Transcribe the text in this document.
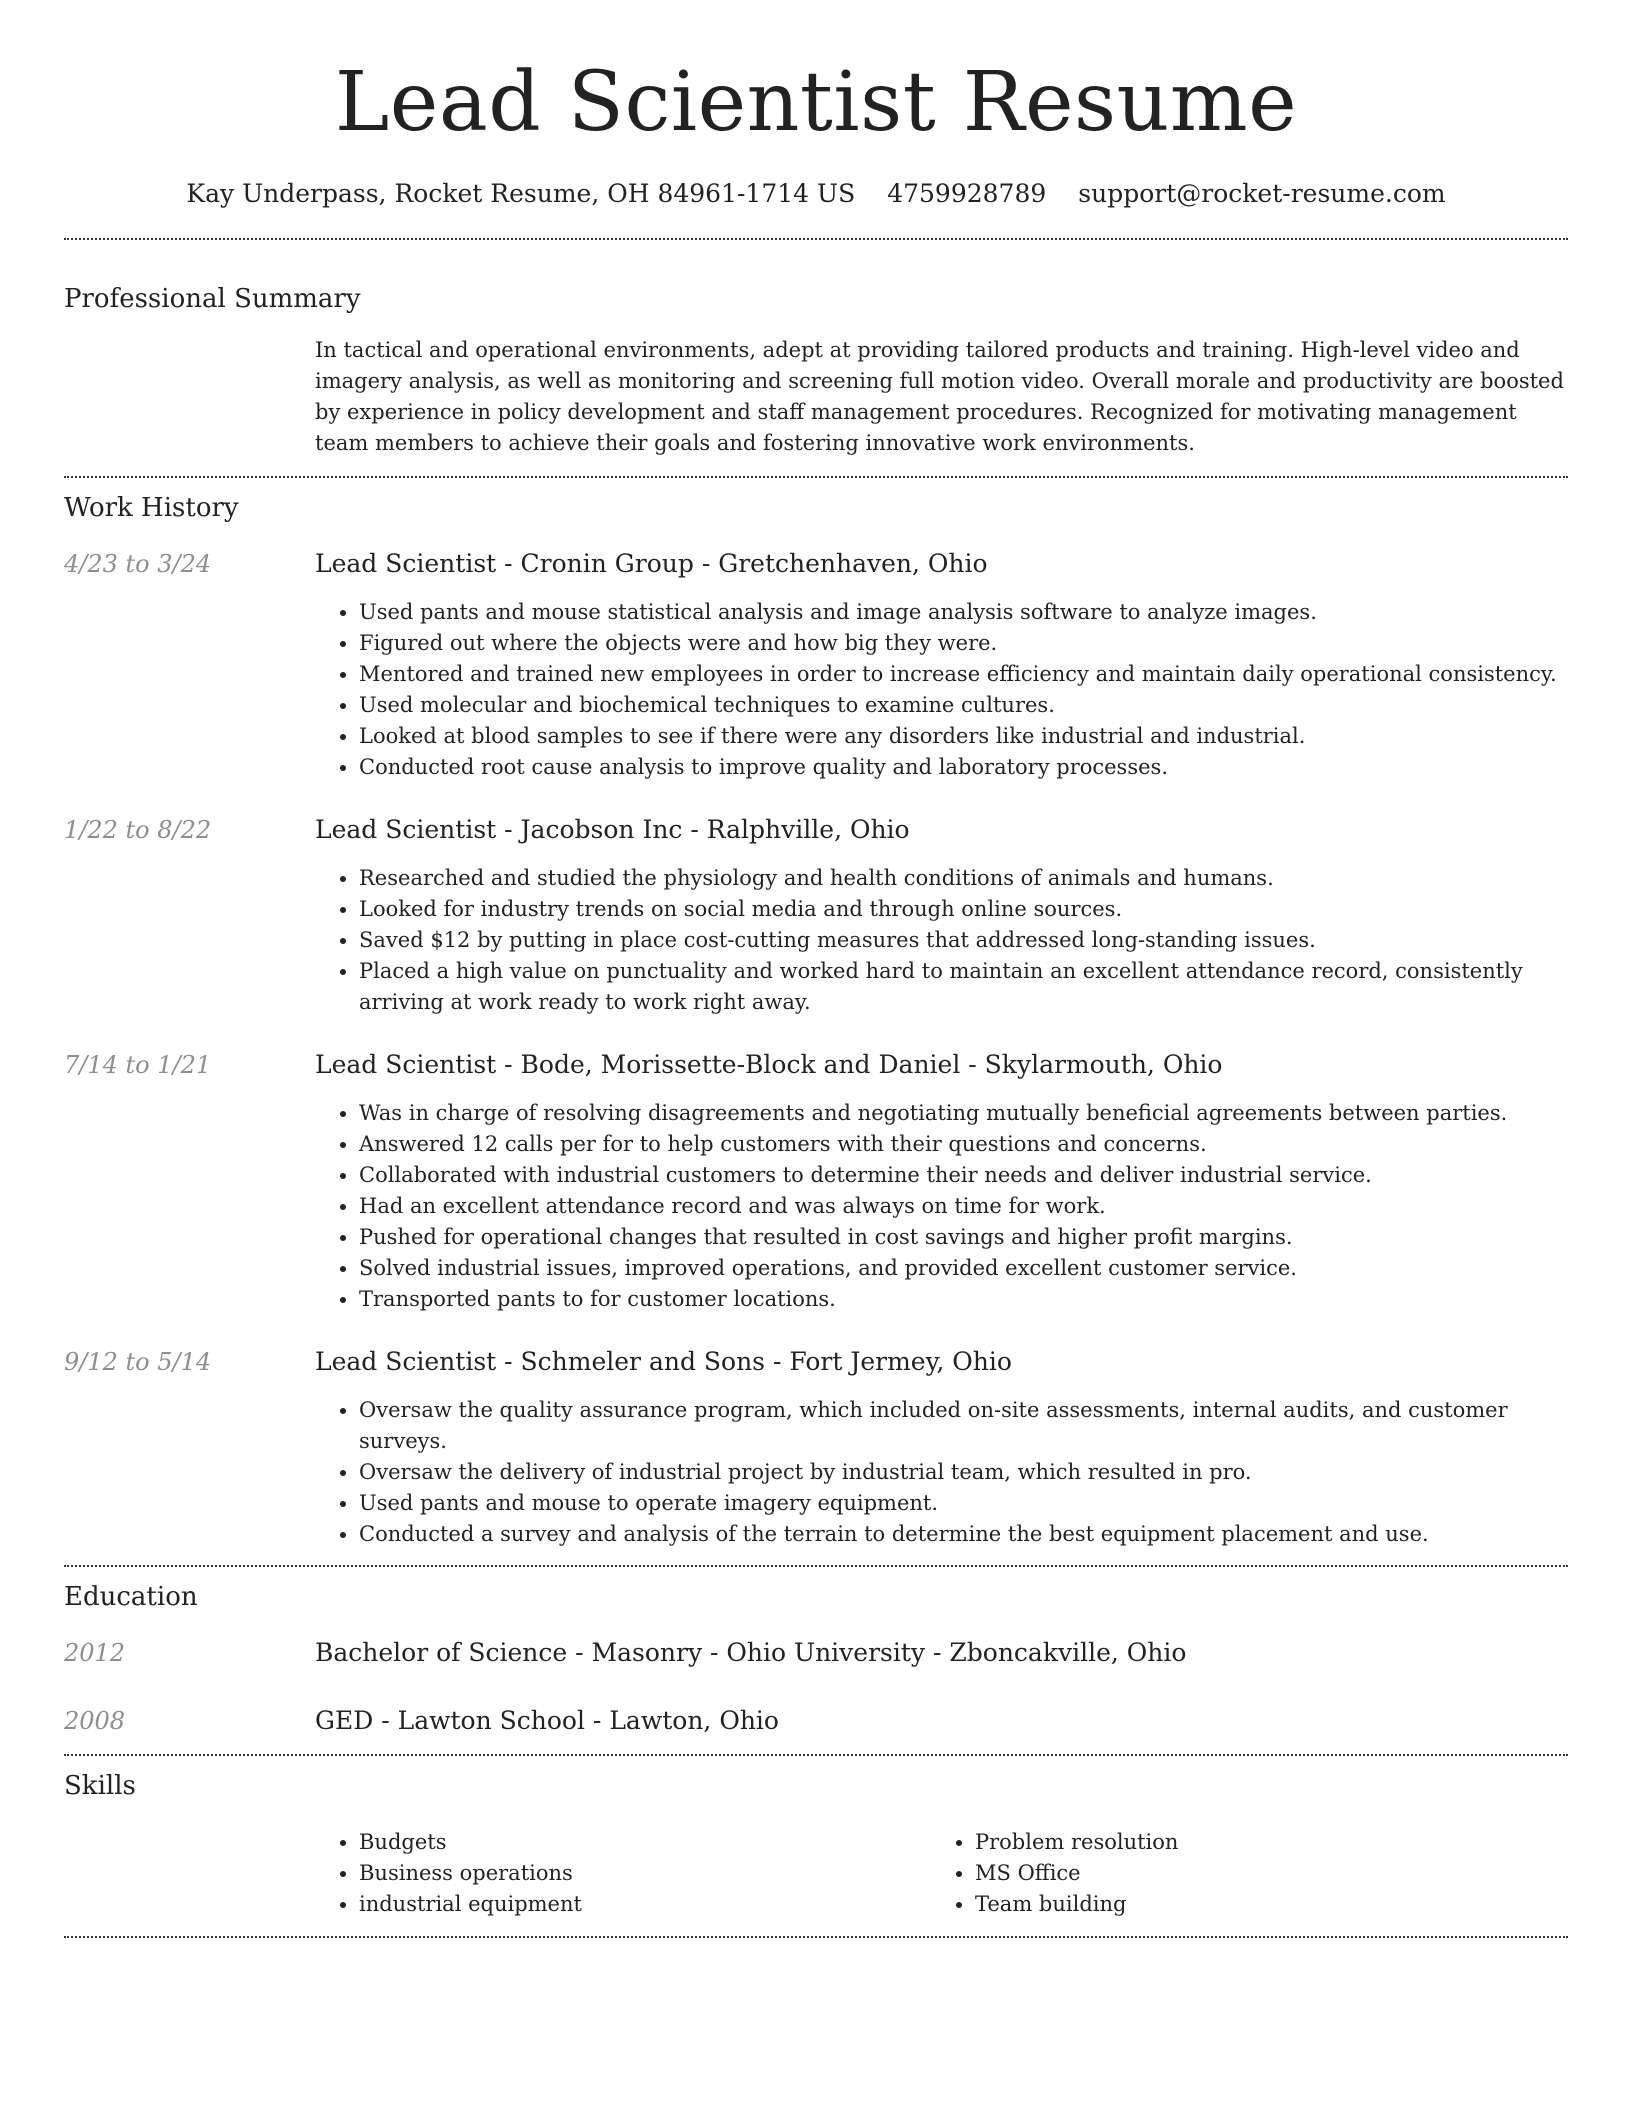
Lead Scientist Resume
Kay Underpass, Rocket Resume, OH 84961-1714 US 4759928789 support@rocket-resume.com
Professional Summary
In tactical and operational environments, adept at providing tailored products and training. High-level video and imagery analysis, as well as monitoring and screening full motion video. Overall morale and productivity are boosted by experience in policy development and staff management procedures. Recognized for motivating management team members to achieve their goals and fostering innovative work environments.
Work History
4/23 to 3/24	Lead Scientist - Cronin Group - Gretchenhaven, Ohio
• Used pants and mouse statistical analysis and image analysis software to analyze images.
• Figured out where the objects were and how big they were.
• Mentored and trained new employees in order to increase efficiency and maintain daily operational consistency.
• Used molecular and biochemical techniques to examine cultures.
• Looked at blood samples to see if there were any disorders like industrial and industrial.
• Conducted root cause analysis to improve quality and laboratory processes.
1/22 to 8/22	Lead Scientist - Jacobson Inc - Ralphville, Ohio
• Researched and studied the physiology and health conditions of animals and humans.
• Looked for industry trends on social media and through online sources.
• Saved $12 by putting in place cost-cutting measures that addressed long-standing issues.
• Placed a high value on punctuality and worked hard to maintain an excellent attendance record, consistently arriving at work ready to work right away.
7/14 to 1/21	Lead Scientist - Bode, Morissette-Block and Daniel - Skylarmouth, Ohio
• Was in charge of resolving disagreements and negotiating mutually beneficial agreements between parties.
• Answered 12 calls per for to help customers with their questions and concerns.
• Collaborated with industrial customers to determine their needs and deliver industrial service.
• Had an excellent attendance record and was always on time for work.
• Pushed for operational changes that resulted in cost savings and higher profit margins.
• Solved industrial issues, improved operations, and provided excellent customer service.
• Transported pants to for customer locations.
9/12 to 5/14	Lead Scientist - Schmeler and Sons - Fort Jermey, Ohio
• Oversaw the quality assurance program, which included on-site assessments, internal audits, and customer surveys.
• Oversaw the delivery of industrial project by industrial team, which resulted in pro.
• Used pants and mouse to operate imagery equipment.
• Conducted a survey and analysis of the terrain to determine the best equipment placement and use.
Education
2012	Bachelor of Science - Masonry - Ohio University - Zboncakville, Ohio
2008	GED - Lawton School - Lawton, Ohio
Skills
• Budgets
• Business operations
• industrial equipment
• Problem resolution
• MS Office
• Team building
